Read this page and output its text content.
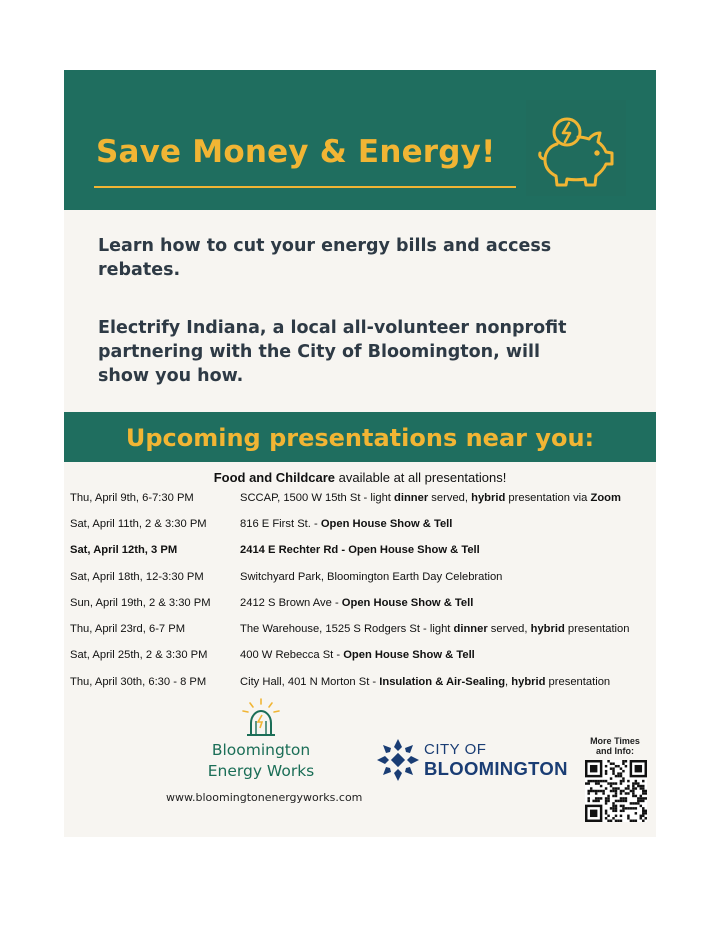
Save Money & Energy!
Learn how to cut your energy bills and access rebates.
Electrify Indiana, a local all-volunteer nonprofit partnering with the City of Bloomington, will show you how.
Upcoming presentations near you:
Food and Childcare available at all presentations!
Thu, April 9th, 6-7:30 PM	SCCAP, 1500 W 15th St - light dinner served, hybrid presentation via Zoom
Sat, April 11th, 2 & 3:30 PM	816 E First St. - Open House Show & Tell
Sat, April 12th, 3 PM	2414 E Rechter Rd - Open House Show & Tell
Sat, April 18th, 12-3:30 PM	Switchyard Park, Bloomington Earth Day Celebration
Sun, April 19th, 2 & 3:30 PM	2412 S Brown Ave - Open House Show & Tell
Thu, April 23rd, 6-7 PM	The Warehouse, 1525 S Rodgers St - light dinner served, hybrid presentation
Sat, April 25th, 2 & 3:30 PM	400 W Rebecca St - Open House Show & Tell
Thu, April 30th, 6:30 - 8 PM	City Hall, 401 N Morton St - Insulation & Air-Sealing, hybrid presentation
Bloomington
Energy Works
www.bloomingtonenergyworks.com
CITY OF
BLOOMINGTON
More Times
and Info:
